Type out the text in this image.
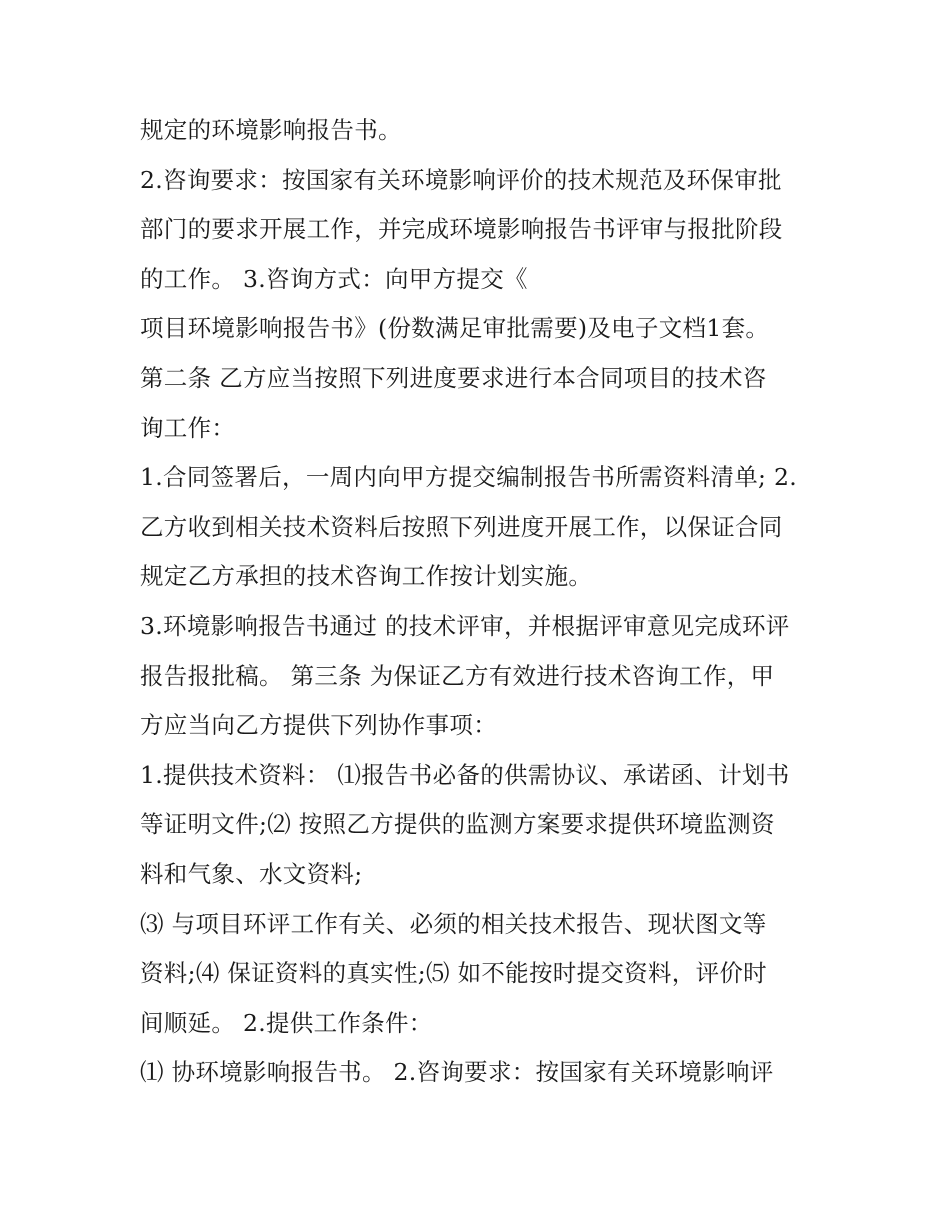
规定的环境影响报告书。
2.咨询要求：按国家有关环境影响评价的技术规范及环保审批
部门的要求开展工作，并完成环境影响报告书评审与报批阶段
的工作。 3.咨询方式：向甲方提交《
项目环境影响报告书》(份数满足审批需要)及电子文档1套。
第二条 乙方应当按照下列进度要求进行本合同项目的技术咨
询工作：
1.合同签署后，一周内向甲方提交编制报告书所需资料清单; 2.
乙方收到相关技术资料后按照下列进度开展工作，以保证合同
规定乙方承担的技术咨询工作按计划实施。
3.环境影响报告书通过 的技术评审，并根据评审意见完成环评
报告报批稿。 第三条 为保证乙方有效进行技术咨询工作，甲
方应当向乙方提供下列协作事项：
1.提供技术资料： ⑴报告书必备的供需协议、承诺函、计划书
等证明文件;⑵ 按照乙方提供的监测方案要求提供环境监测资
料和气象、水文资料;
⑶ 与项目环评工作有关、必须的相关技术报告、现状图文等
资料;⑷ 保证资料的真实性;⑸ 如不能按时提交资料，评价时
间顺延。 2.提供工作条件：
⑴ 协环境影响报告书。 2.咨询要求：按国家有关环境影响评
